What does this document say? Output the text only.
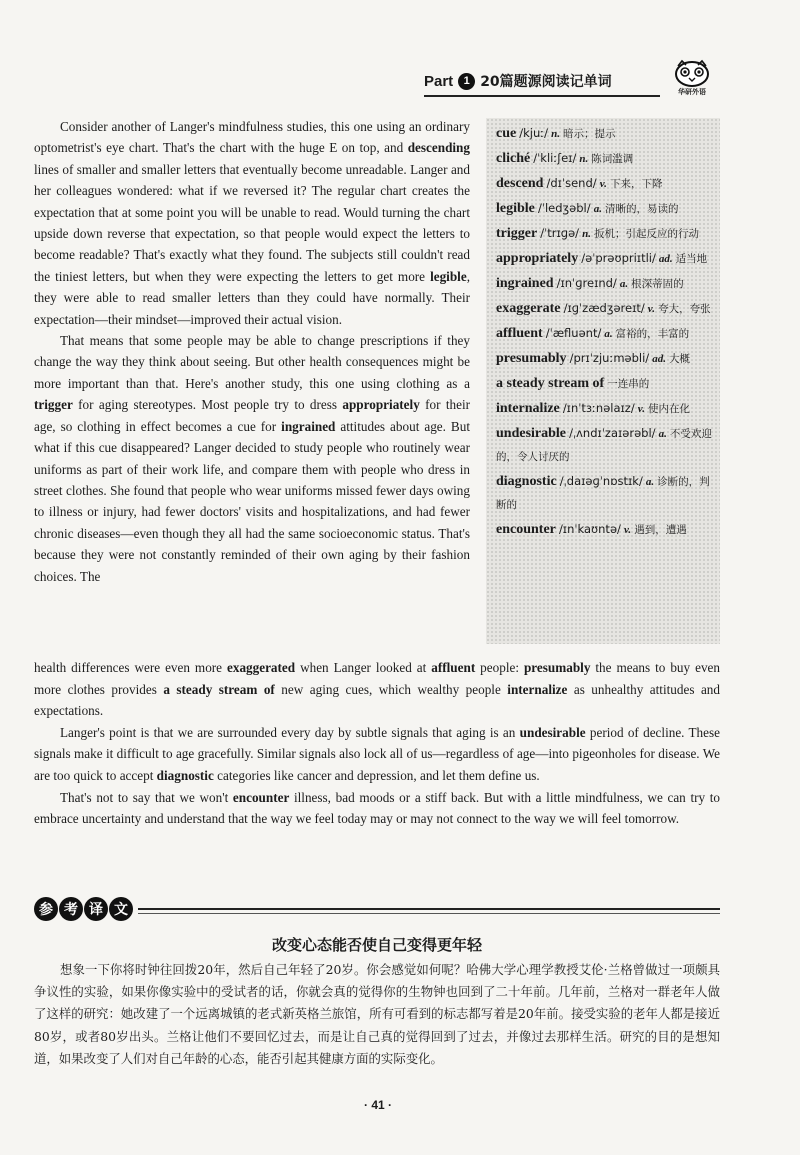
Part 1 20篇题源阅读记单词
华研外语

Consider another of Langer's mindfulness studies, this one using an ordinary optometrist's eye chart. That's the chart with the huge E on top, and descending lines of smaller and smaller letters that eventually become unreadable. Langer and her colleagues wondered: what if we reversed it? The regular chart creates the expectation that at some point you will be unable to read. Would turning the chart upside down reverse that expectation, so that people would expect the letters to become readable? That's exactly what they found. The subjects still couldn't read the tiniest letters, but when they were expecting the letters to get more legible, they were able to read smaller letters than they could have normally. Their expectation—their mindset—improved their actual vision.

That means that some people may be able to change prescriptions if they change the way they think about seeing. But other health consequences might be more important than that. Here's another study, this one using clothing as a trigger for aging stereotypes. Most people try to dress appropriately for their age, so clothing in effect becomes a cue for ingrained attitudes about age. But what if this cue disappeared? Langer decided to study people who routinely wear uniforms as part of their work life, and compare them with people who dress in street clothes. She found that people who wear uniforms missed fewer days owing to illness or injury, had fewer doctors' visits and hospitalizations, and had fewer chronic diseases—even though they all had the same socioeconomic status. That's because they were not constantly reminded of their own aging by their fashion choices. The

cue /kjuː/ n. 暗示；提示
cliché /ˈkliːʃeɪ/ n. 陈词滥调
descend /dɪˈsend/ v. 下来，下降
legible /ˈledʒəbl/ a. 清晰的，易读的
trigger /ˈtrɪɡə/ n. 扳机；引起反应的行动
appropriately /əˈprəʊpriɪtli/ ad. 适当地
ingrained /ɪnˈɡreɪnd/ a. 根深蒂固的
exaggerate /ɪɡˈzædʒəreɪt/ v. 夸大，夸张
affluent /ˈæfluənt/ a. 富裕的，丰富的
presumably /prɪˈzjuːməbli/ ad. 大概
a steady stream of 一连串的
internalize /ɪnˈtɜːnəlaɪz/ v. 使内在化
undesirable /ˌʌndɪˈzaɪərəbl/ a. 不受欢迎的，令人讨厌的
diagnostic /ˌdaɪəɡˈnɒstɪk/ a. 诊断的，判断的
encounter /ɪnˈkaʊntə/ v. 遇到，遭遇

health differences were even more exaggerated when Langer looked at affluent people: presumably the means to buy even more clothes provides a steady stream of new aging cues, which wealthy people internalize as unhealthy attitudes and expectations.

Langer's point is that we are surrounded every day by subtle signals that aging is an undesirable period of decline. These signals make it difficult to age gracefully. Similar signals also lock all of us—regardless of age—into pigeonholes for disease. We are too quick to accept diagnostic categories like cancer and depression, and let them define us.

That's not to say that we won't encounter illness, bad moods or a stiff back. But with a little mindfulness, we can try to embrace uncertainty and understand that the way we feel today may or may not connect to the way we will feel tomorrow.

参 考 译 文
改变心态能否使自己变得更年轻

想象一下你将时钟往回拨20年，然后自己年轻了20岁。你会感觉如何呢？哈佛大学心理学教授艾伦·兰格曾做过一项颇具争议性的实验，如果你像实验中的受试者的话，你就会真的觉得你的生物钟也回到了二十年前。几年前，兰格对一群老年人做了这样的研究：她改建了一个远离城镇的老式新英格兰旅馆，所有可看到的标志都写着是20年前。接受实验的老年人都是接近80岁，或者80岁出头。兰格让他们不要回忆过去，而是让自己真的觉得回到了过去，并像过去那样生活。研究的目的是想知道，如果改变了人们对自己年龄的心态，能否引起其健康方面的实际变化。

· 41 ·
